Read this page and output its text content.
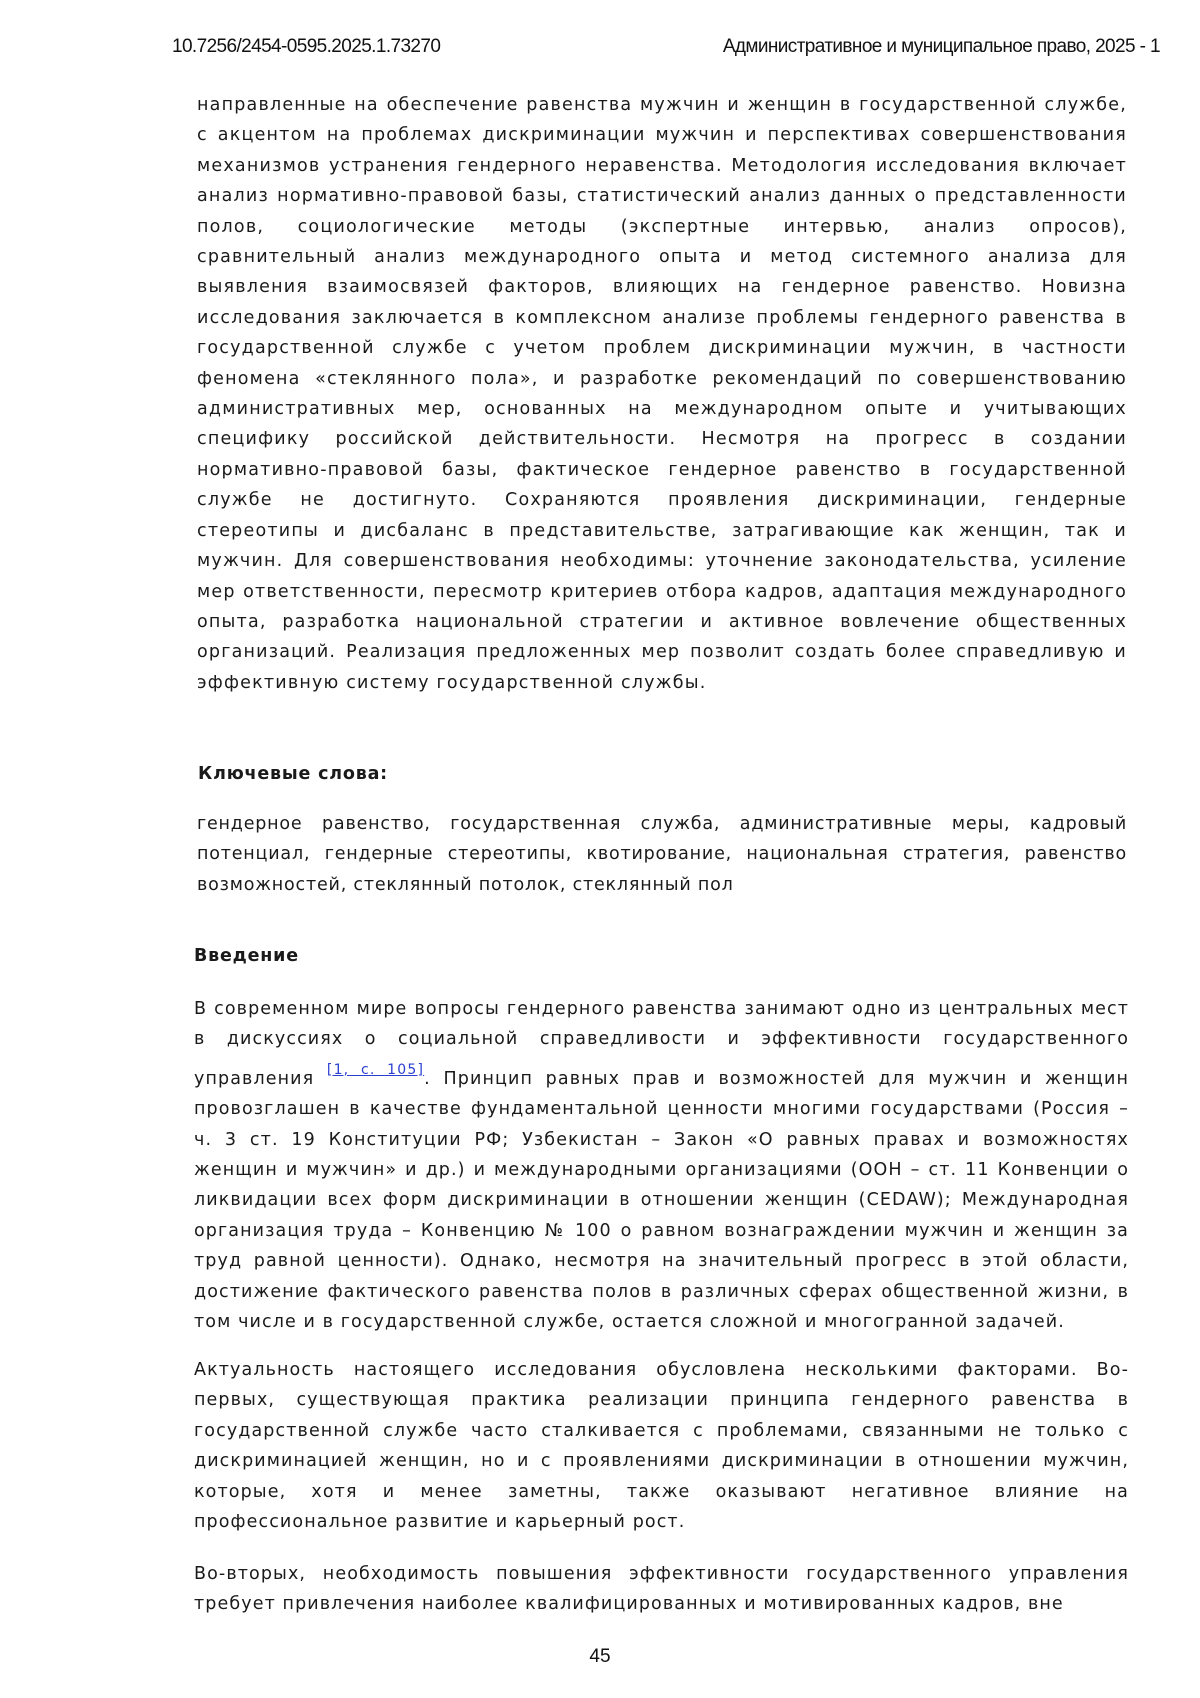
10.7256/2454-0595.2025.1.73270	Административное и муниципальное право, 2025 - 1

направленные на обеспечение равенства мужчин и женщин в государственной службе, с акцентом на проблемах дискриминации мужчин и перспективах совершенствования механизмов устранения гендерного неравенства. Методология исследования включает анализ нормативно-правовой базы, статистический анализ данных о представленности полов, социологические методы (экспертные интервью, анализ опросов), сравнительный анализ международного опыта и метод системного анализа для выявления взаимосвязей факторов, влияющих на гендерное равенство. Новизна исследования заключается в комплексном анализе проблемы гендерного равенства в государственной службе с учетом проблем дискриминации мужчин, в частности феномена «стеклянного пола», и разработке рекомендаций по совершенствованию административных мер, основанных на международном опыте и учитывающих специфику российской действительности. Несмотря на прогресс в создании нормативно-правовой базы, фактическое гендерное равенство в государственной службе не достигнуто. Сохраняются проявления дискриминации, гендерные стереотипы и дисбаланс в представительстве, затрагивающие как женщин, так и мужчин. Для совершенствования необходимы: уточнение законодательства, усиление мер ответственности, пересмотр критериев отбора кадров, адаптация международного опыта, разработка национальной стратегии и активное вовлечение общественных организаций. Реализация предложенных мер позволит создать более справедливую и эффективную систему государственной службы.

Ключевые слова:

гендерное равенство, государственная служба, административные меры, кадровый потенциал, гендерные стереотипы, квотирование, национальная стратегия, равенство возможностей, стеклянный потолок, стеклянный пол

Введение

В современном мире вопросы гендерного равенства занимают одно из центральных мест в дискуссиях о социальной справедливости и эффективности государственного управления [1, с. 105]. Принцип равных прав и возможностей для мужчин и женщин провозглашен в качестве фундаментальной ценности многими государствами (Россия – ч. 3 ст. 19 Конституции РФ; Узбекистан – Закон «О равных правах и возможностях женщин и мужчин» и др.) и международными организациями (ООН – ст. 11 Конвенции о ликвидации всех форм дискриминации в отношении женщин (CEDAW); Международная организация труда – Конвенцию № 100 о равном вознаграждении мужчин и женщин за труд равной ценности). Однако, несмотря на значительный прогресс в этой области, достижение фактического равенства полов в различных сферах общественной жизни, в том числе и в государственной службе, остается сложной и многогранной задачей.

Актуальность настоящего исследования обусловлена несколькими факторами. Во-первых, существующая практика реализации принципа гендерного равенства в государственной службе часто сталкивается с проблемами, связанными не только с дискриминацией женщин, но и с проявлениями дискриминации в отношении мужчин, которые, хотя и менее заметны, также оказывают негативное влияние на профессиональное развитие и карьерный рост.

Во-вторых, необходимость повышения эффективности государственного управления требует привлечения наиболее квалифицированных и мотивированных кадров, вне

45
